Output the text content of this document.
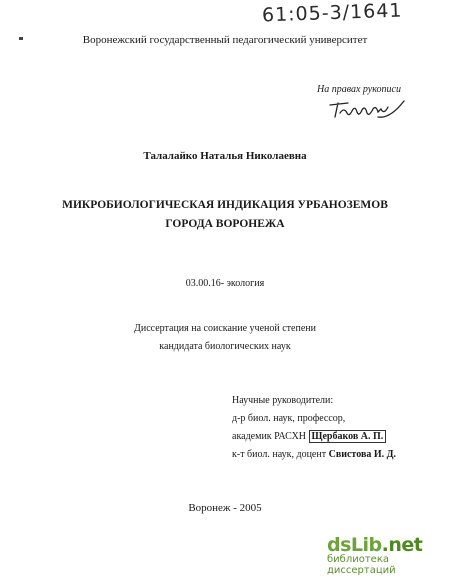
61:05-3/1641
Воронежский государственный педагогический университет
На правах рукописи
Талалайко Наталья Николаевна
МИКРОБИОЛОГИЧЕСКАЯ ИНДИКАЦИЯ УРБАНОЗЕМОВ
ГОРОДА ВОРОНЕЖА
03.00.16- экология
Диссертация на соискание ученой степени
кандидата биологических наук
Научные руководители:
д-р биол. наук, профессор,
академик РАСХН Щербаков А. П.
к-т биол. наук, доцент Свистова И. Д.
Воронеж - 2005
dsLib.net
библиотека диссертаций
